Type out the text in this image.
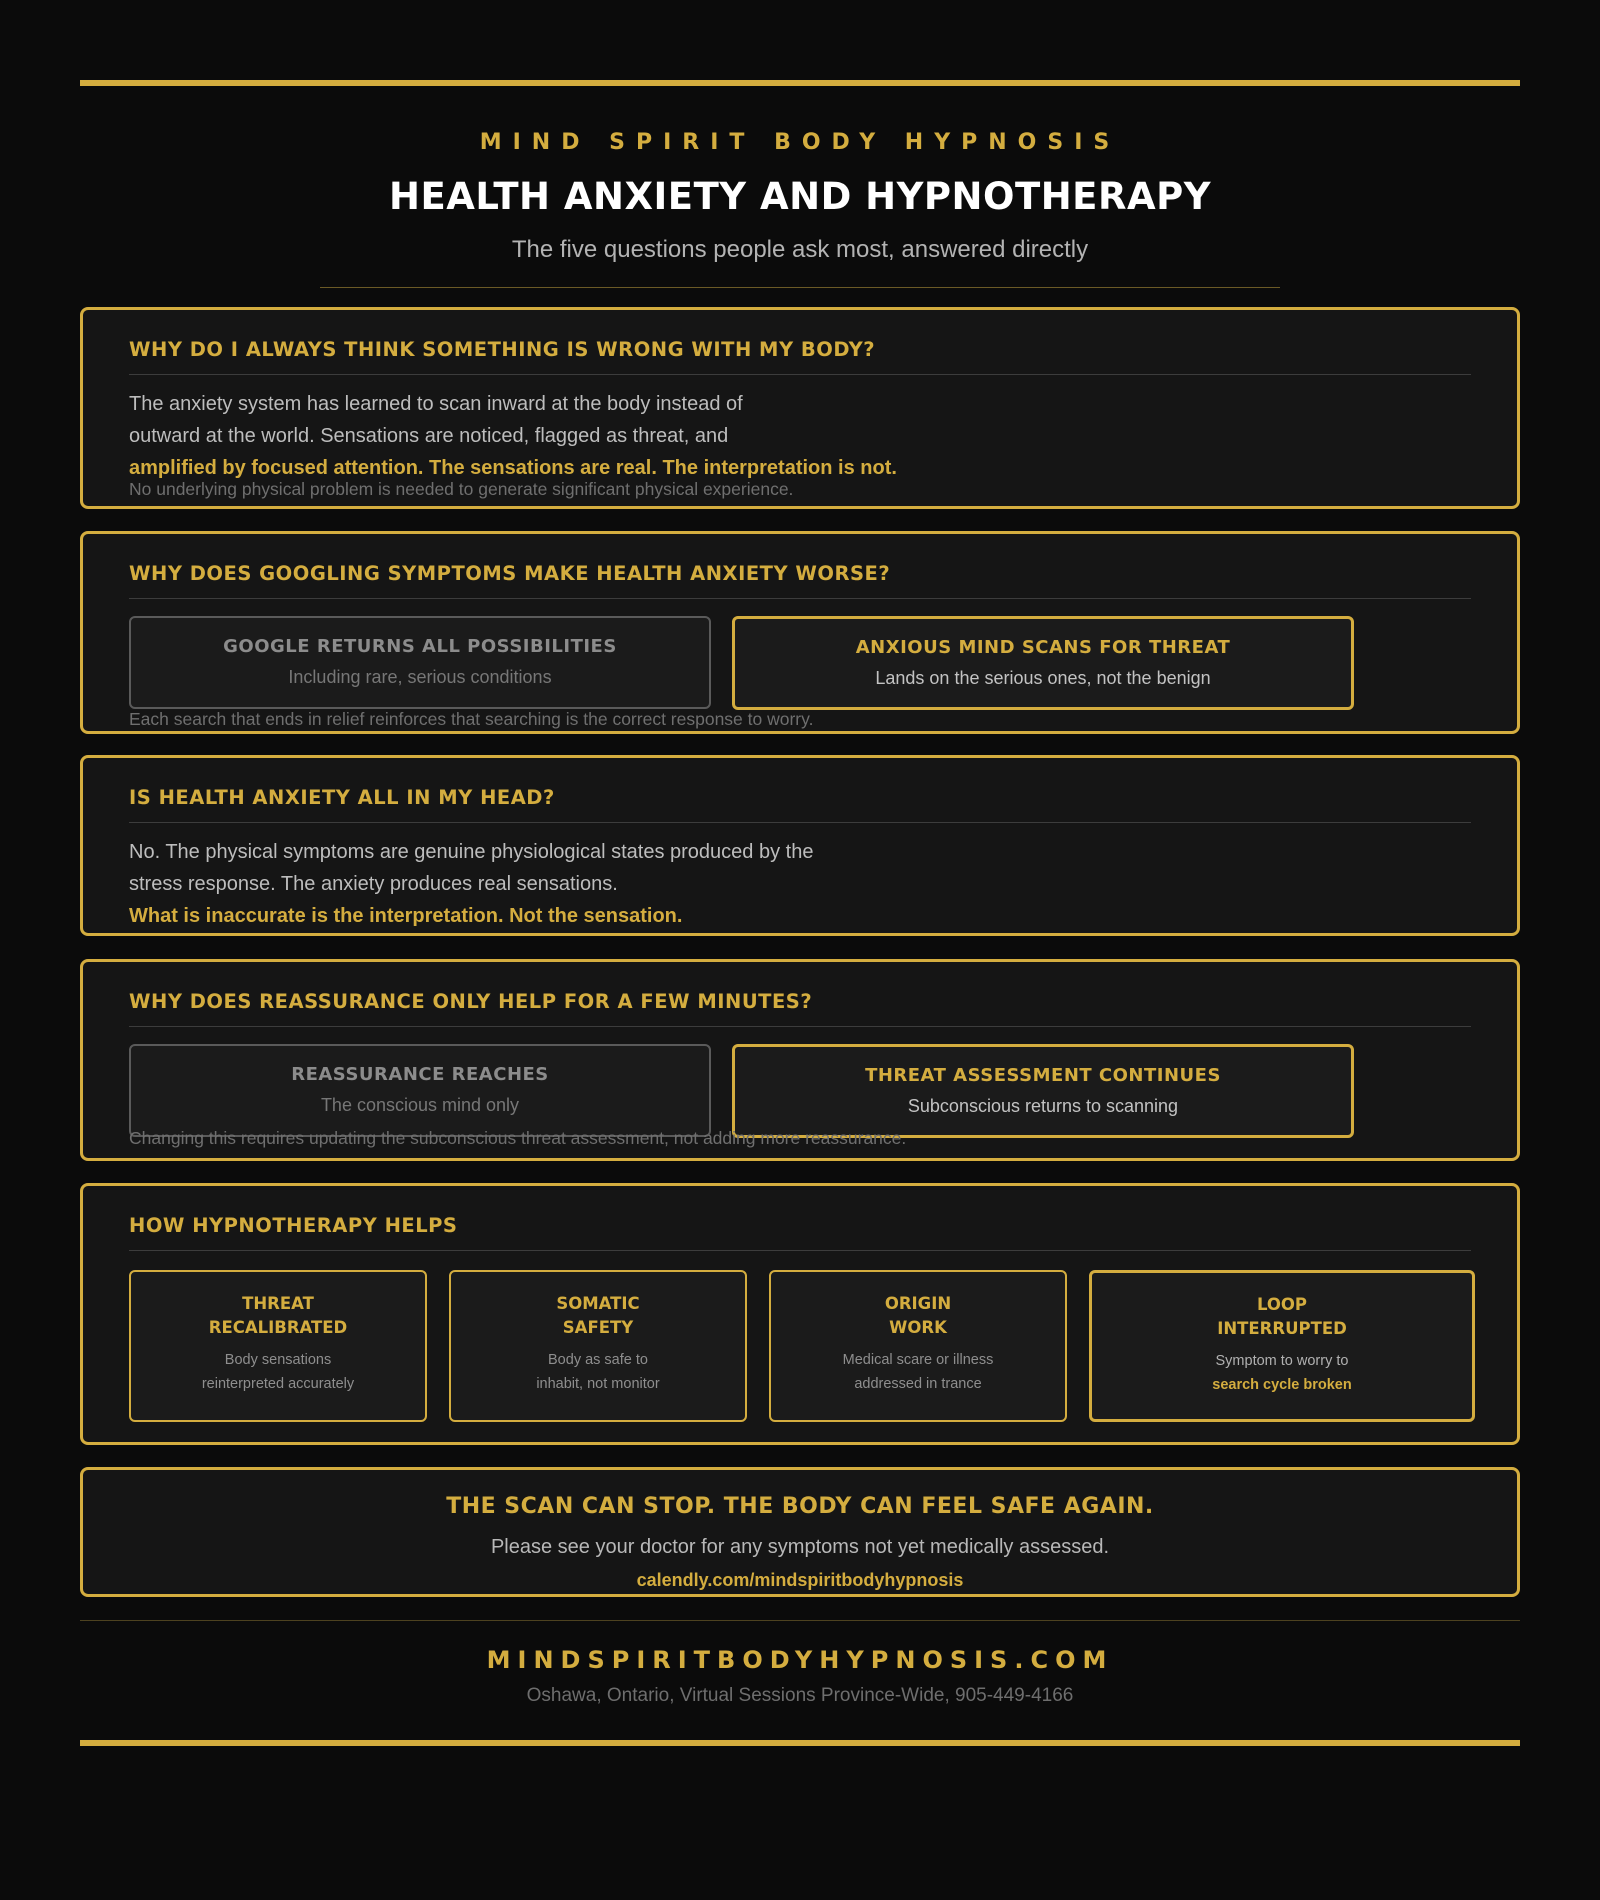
MIND SPIRIT BODY HYPNOSIS
HEALTH ANXIETY AND HYPNOTHERAPY
The five questions people ask most, answered directly
WHY DO I ALWAYS THINK SOMETHING IS WRONG WITH MY BODY?
The anxiety system has learned to scan inward at the body instead of
outward at the world. Sensations are noticed, flagged as threat, and
amplified by focused attention. The sensations are real. The interpretation is not.
No underlying physical problem is needed to generate significant physical experience.
WHY DOES GOOGLING SYMPTOMS MAKE HEALTH ANXIETY WORSE?
GOOGLE RETURNS ALL POSSIBILITIES
Including rare, serious conditions
ANXIOUS MIND SCANS FOR THREAT
Lands on the serious ones, not the benign
Each search that ends in relief reinforces that searching is the correct response to worry.
IS HEALTH ANXIETY ALL IN MY HEAD?
No. The physical symptoms are genuine physiological states produced by the
stress response. The anxiety produces real sensations.
What is inaccurate is the interpretation. Not the sensation.
WHY DOES REASSURANCE ONLY HELP FOR A FEW MINUTES?
REASSURANCE REACHES
The conscious mind only
THREAT ASSESSMENT CONTINUES
Subconscious returns to scanning
Changing this requires updating the subconscious threat assessment, not adding more reassurance.
HOW HYPNOTHERAPY HELPS
THREAT
RECALIBRATED
Body sensations
reinterpreted accurately
SOMATIC
SAFETY
Body as safe to
inhabit, not monitor
ORIGIN
WORK
Medical scare or illness
addressed in trance
LOOP
INTERRUPTED
Symptom to worry to
search cycle broken
THE SCAN CAN STOP. THE BODY CAN FEEL SAFE AGAIN.
Please see your doctor for any symptoms not yet medically assessed.
calendly.com/mindspiritbodyhypnosis
MINDSPIRITBODYHYPNOSIS.COM
Oshawa, Ontario, Virtual Sessions Province-Wide, 905-449-4166
